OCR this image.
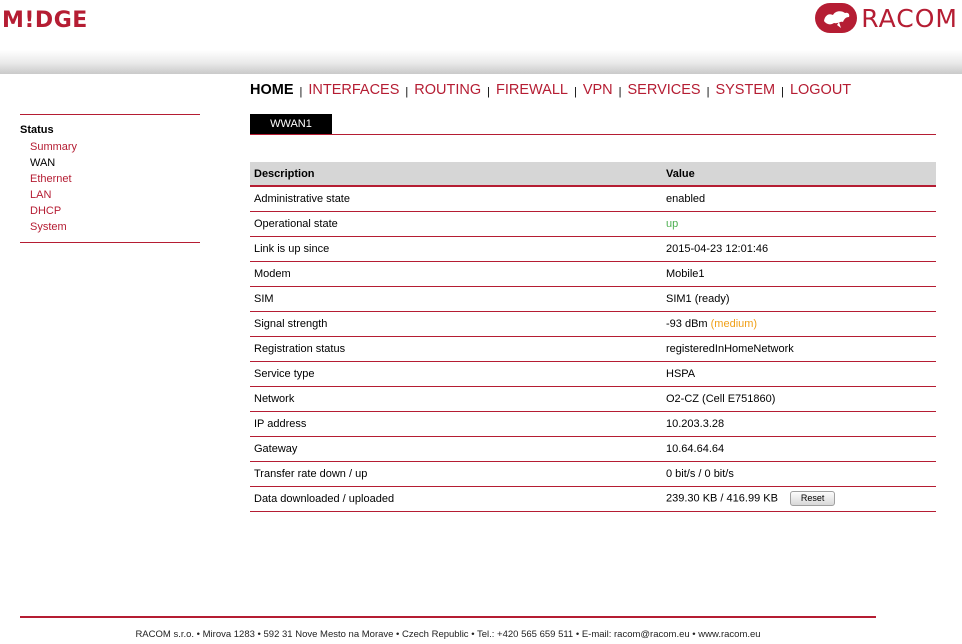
M!DGE	RACOM
HOME | INTERFACES | ROUTING | FIREWALL | VPN | SERVICES | SYSTEM | LOGOUT
Status
Summary
WAN
Ethernet
LAN
DHCP
System
WWAN1
Description	Value
Administrative state	enabled
Operational state	up
Link is up since	2015-04-23 12:01:46
Modem	Mobile1
SIM	SIM1 (ready)
Signal strength	-93 dBm (medium)
Registration status	registeredInHomeNetwork
Service type	HSPA
Network	O2-CZ (Cell E751860)
IP address	10.203.3.28
Gateway	10.64.64.64
Transfer rate down / up	0 bit/s / 0 bit/s
Data downloaded / uploaded	239.30 KB / 416.99 KB Reset
RACOM s.r.o. • Mirova 1283 • 592 31 Nove Mesto na Morave • Czech Republic • Tel.: +420 565 659 511 • E-mail: racom@racom.eu • www.racom.eu
